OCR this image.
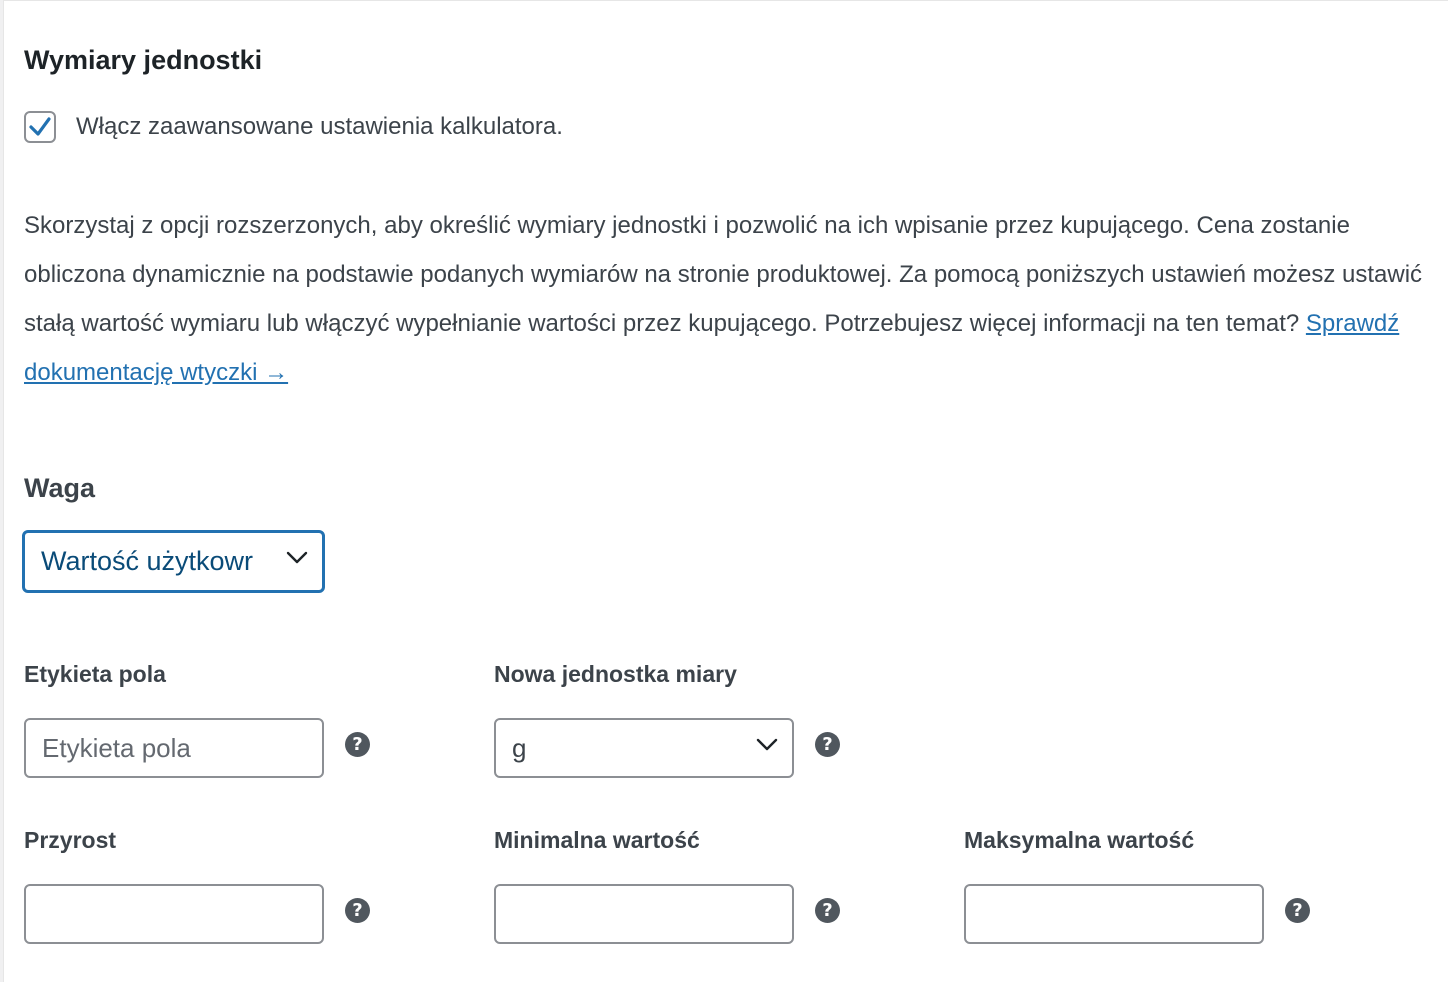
Wymiary jednostki
Włącz zaawansowane ustawienia kalkulatora.
Skorzystaj z opcji rozszerzonych, aby określić wymiary jednostki i pozwolić na ich wpisanie przez kupującego. Cena zostanie obliczona dynamicznie na podstawie podanych wymiarów na stronie produktowej. Za pomocą poniższych ustawień możesz ustawić stałą wartość wymiaru lub włączyć wypełnianie wartości przez kupującego. Potrzebujesz więcej informacji na ten temat? Sprawdź dokumentację wtyczki →
Waga
Wartość użytkowr
Etykieta pola
Etykieta pola	?
Nowa jednostka miary
g	?
Przyrost
?
Minimalna wartość
?
Maksymalna wartość
?
